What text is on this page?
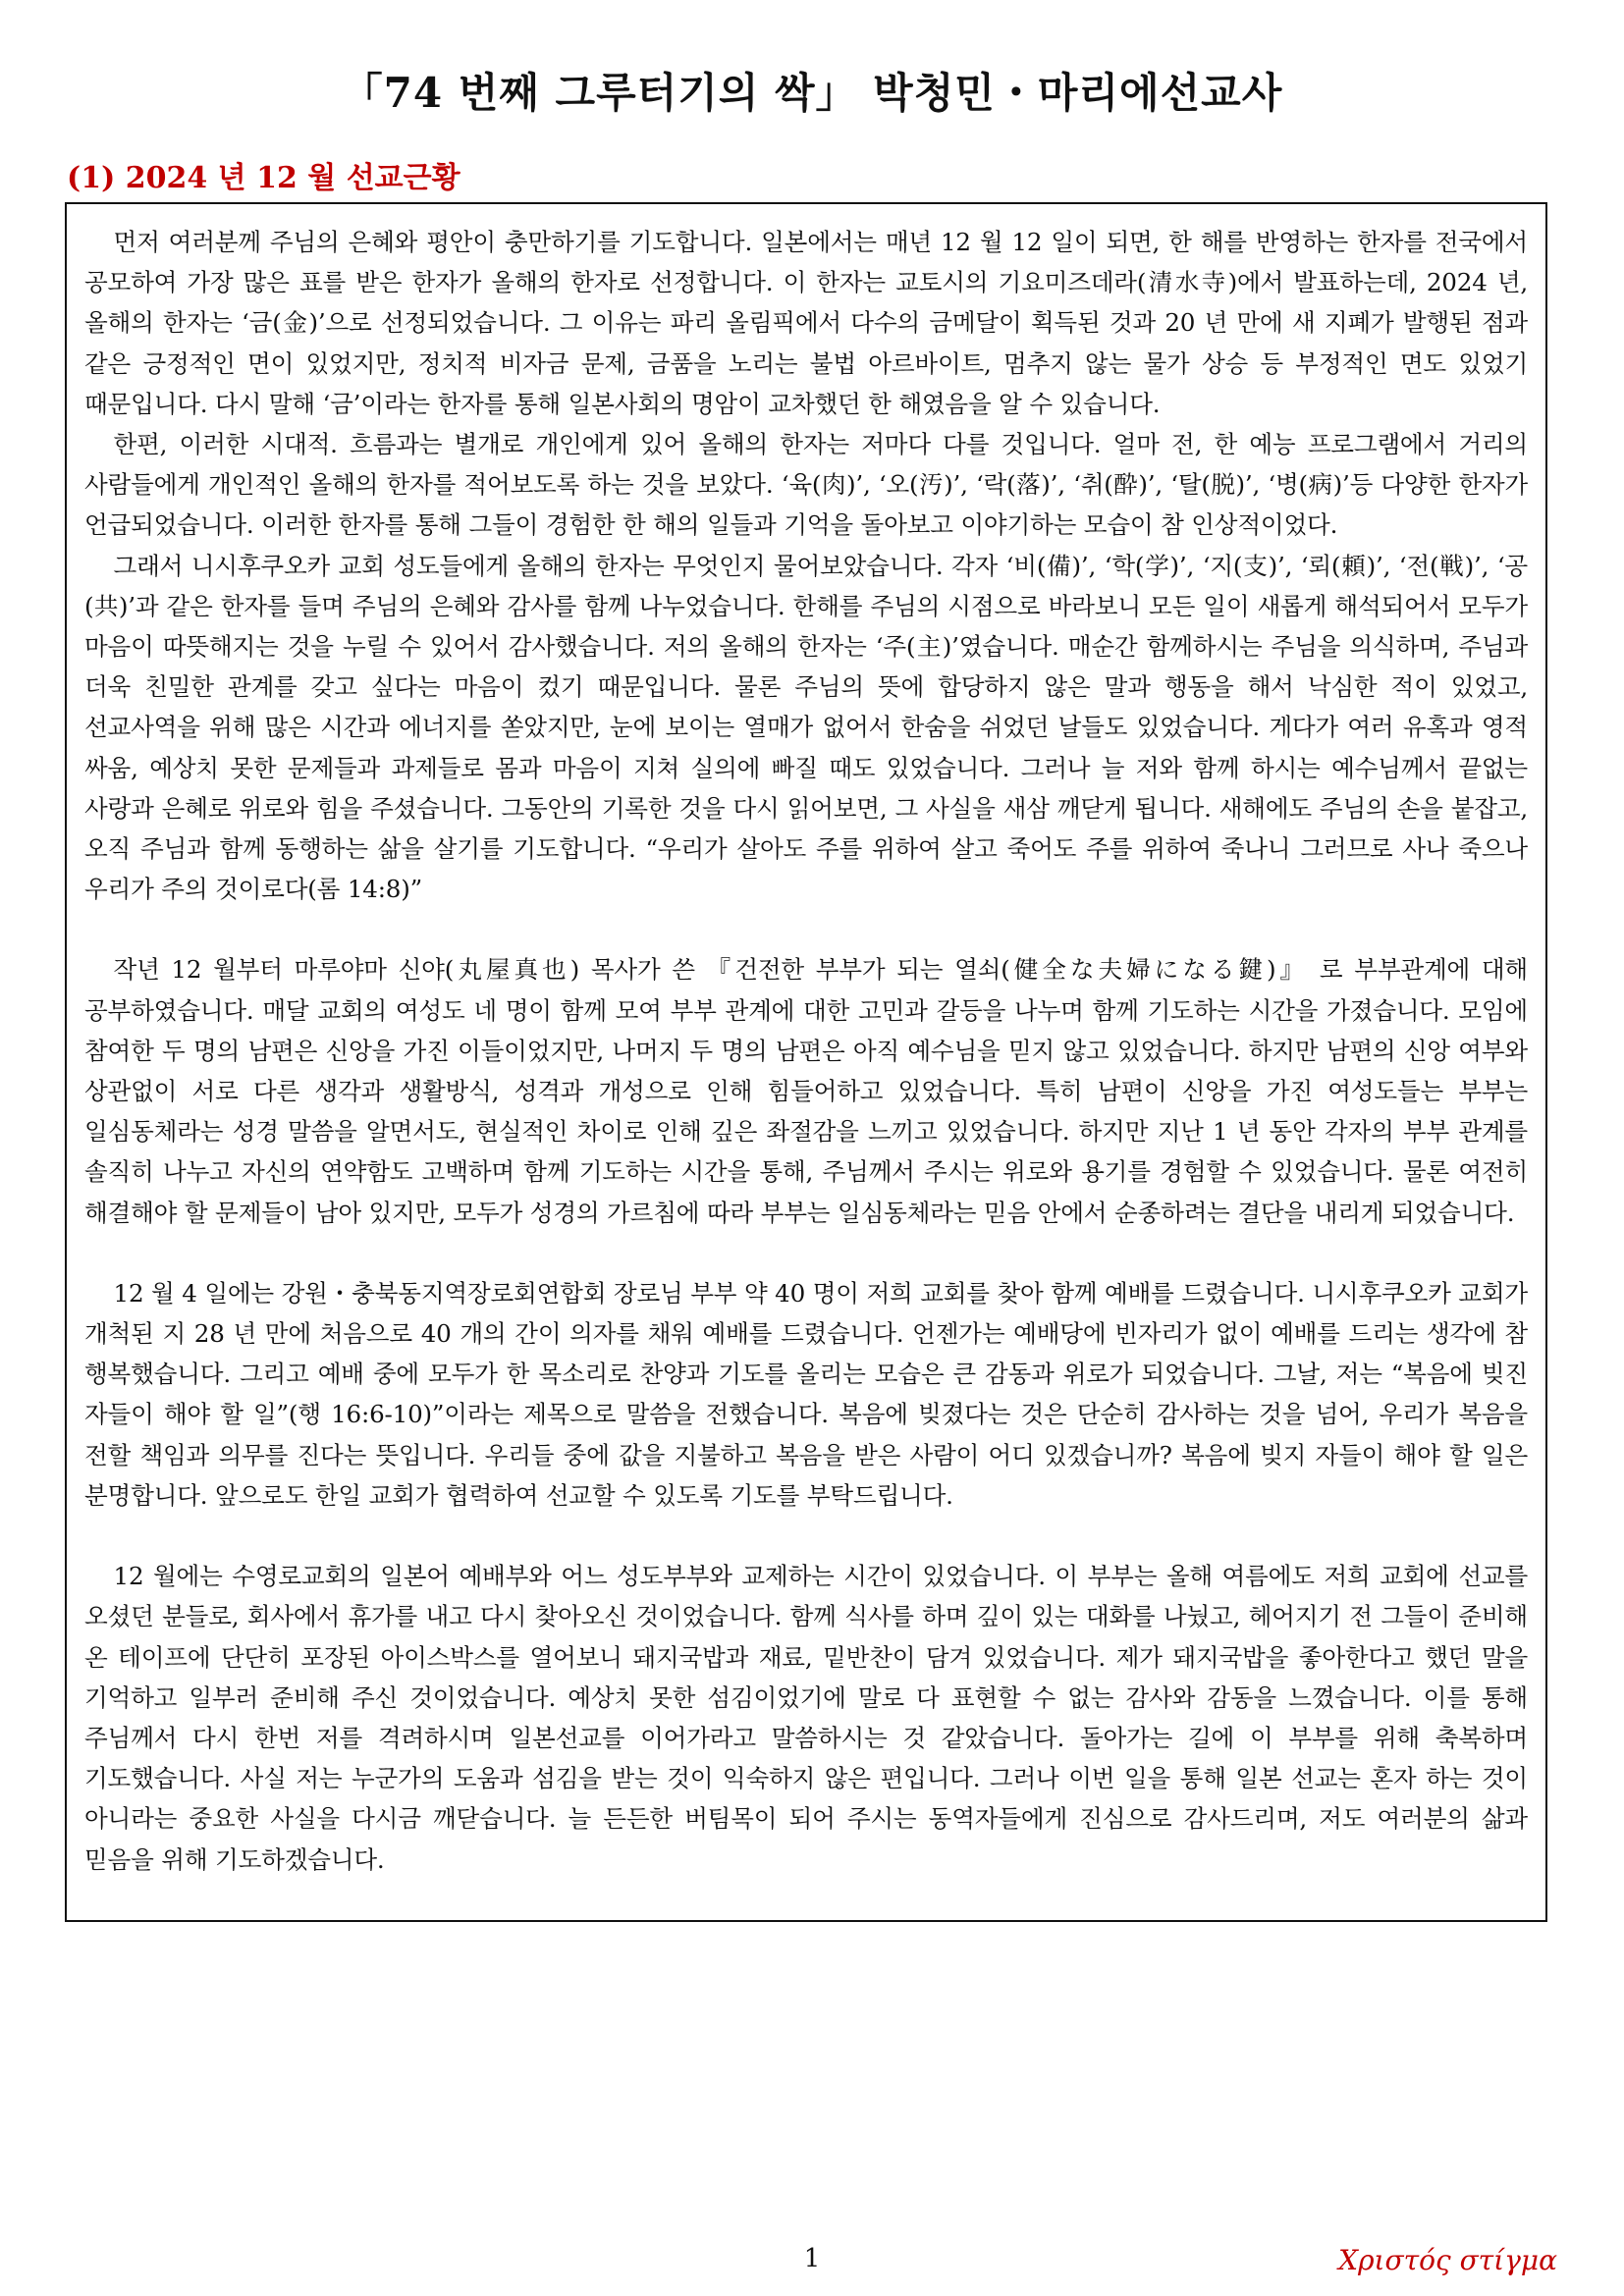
「74 번째 그루터기의 싹」 박청민・마리에선교사
(1) 2024 년 12 월 선교근황

먼저 여러분께 주님의 은혜와 평안이 충만하기를 기도합니다. 일본에서는 매년 12 월 12 일이 되면, 한 해를 반영하는 한자를 전국에서 공모하여 가장 많은 표를 받은 한자가 올해의 한자로 선정합니다. 이 한자는 교토시의 기요미즈데라(清水寺)에서 발표하는데, 2024 년, 올해의 한자는 ‘금(金)’으로 선정되었습니다. 그 이유는 파리 올림픽에서 다수의 금메달이 획득된 것과 20 년 만에 새 지폐가 발행된 점과 같은 긍정적인 면이 있었지만, 정치적 비자금 문제, 금품을 노리는 불법 아르바이트, 멈추지 않는 물가 상승 등 부정적인 면도 있었기 때문입니다. 다시 말해 ‘금’이라는 한자를 통해 일본사회의 명암이 교차했던 한 해였음을 알 수 있습니다.

한편, 이러한 시대적. 흐름과는 별개로 개인에게 있어 올해의 한자는 저마다 다를 것입니다. 얼마 전, 한 예능 프로그램에서 거리의 사람들에게 개인적인 올해의 한자를 적어보도록 하는 것을 보았다. ‘육(肉)’, ‘오(汚)’, ‘락(落)’, ‘취(酔)’, ‘탈(脱)’, ‘병(病)’등 다양한 한자가 언급되었습니다. 이러한 한자를 통해 그들이 경험한 한 해의 일들과 기억을 돌아보고 이야기하는 모습이 참 인상적이었다.

그래서 니시후쿠오카 교회 성도들에게 올해의 한자는 무엇인지 물어보았습니다. 각자 ‘비(備)’, ‘학(学)’, ‘지(支)’, ‘뢰(頼)’, ‘전(戦)’, ‘공(共)’과 같은 한자를 들며 주님의 은혜와 감사를 함께 나누었습니다. 한해를 주님의 시점으로 바라보니 모든 일이 새롭게 해석되어서 모두가 마음이 따뜻해지는 것을 누릴 수 있어서 감사했습니다. 저의 올해의 한자는 ‘주(主)’였습니다. 매순간 함께하시는 주님을 의식하며, 주님과 더욱 친밀한 관계를 갖고 싶다는 마음이 컸기 때문입니다. 물론 주님의 뜻에 합당하지 않은 말과 행동을 해서 낙심한 적이 있었고, 선교사역을 위해 많은 시간과 에너지를 쏟았지만, 눈에 보이는 열매가 없어서 한숨을 쉬었던 날들도 있었습니다. 게다가 여러 유혹과 영적 싸움, 예상치 못한 문제들과 과제들로 몸과 마음이 지쳐 실의에 빠질 때도 있었습니다. 그러나 늘 저와 함께 하시는 예수님께서 끝없는 사랑과 은혜로 위로와 힘을 주셨습니다. 그동안의 기록한 것을 다시 읽어보면, 그 사실을 새삼 깨닫게 됩니다. 새해에도 주님의 손을 붙잡고, 오직 주님과 함께 동행하는 삶을 살기를 기도합니다. “우리가 살아도 주를 위하여 살고 죽어도 주를 위하여 죽나니 그러므로 사나 죽으나 우리가 주의 것이로다(롬 14:8)”

작년 12 월부터 마루야마 신야(丸屋真也) 목사가 쓴 『건전한 부부가 되는 열쇠(健全な夫婦になる鍵)』 로 부부관계에 대해 공부하였습니다. 매달 교회의 여성도 네 명이 함께 모여 부부 관계에 대한 고민과 갈등을 나누며 함께 기도하는 시간을 가졌습니다. 모임에 참여한 두 명의 남편은 신앙을 가진 이들이었지만, 나머지 두 명의 남편은 아직 예수님을 믿지 않고 있었습니다. 하지만 남편의 신앙 여부와 상관없이 서로 다른 생각과 생활방식, 성격과 개성으로 인해 힘들어하고 있었습니다. 특히 남편이 신앙을 가진 여성도들는 부부는 일심동체라는 성경 말씀을 알면서도, 현실적인 차이로 인해 깊은 좌절감을 느끼고 있었습니다. 하지만 지난 1 년 동안 각자의 부부 관계를 솔직히 나누고 자신의 연약함도 고백하며 함께 기도하는 시간을 통해, 주님께서 주시는 위로와 용기를 경험할 수 있었습니다. 물론 여전히 해결해야 할 문제들이 남아 있지만, 모두가 성경의 가르침에 따라 부부는 일심동체라는 믿음 안에서 순종하려는 결단을 내리게 되었습니다.

12 월 4 일에는 강원・충북동지역장로회연합회 장로님 부부 약 40 명이 저희 교회를 찾아 함께 예배를 드렸습니다. 니시후쿠오카 교회가 개척된 지 28 년 만에 처음으로 40 개의 간이 의자를 채워 예배를 드렸습니다. 언젠가는 예배당에 빈자리가 없이 예배를 드리는 생각에 참 행복했습니다. 그리고 예배 중에 모두가 한 목소리로 찬양과 기도를 올리는 모습은 큰 감동과 위로가 되었습니다. 그날, 저는 “복음에 빚진 자들이 해야 할 일”(행 16:6-10)”이라는 제목으로 말씀을 전했습니다. 복음에 빚졌다는 것은 단순히 감사하는 것을 넘어, 우리가 복음을 전할 책임과 의무를 진다는 뜻입니다. 우리들 중에 값을 지불하고 복음을 받은 사람이 어디 있겠습니까? 복음에 빚지 자들이 해야 할 일은 분명합니다. 앞으로도 한일 교회가 협력하여 선교할 수 있도록 기도를 부탁드립니다.

12 월에는 수영로교회의 일본어 예배부와 어느 성도부부와 교제하는 시간이 있었습니다. 이 부부는 올해 여름에도 저희 교회에 선교를 오셨던 분들로, 회사에서 휴가를 내고 다시 찾아오신 것이었습니다. 함께 식사를 하며 깊이 있는 대화를 나눴고, 헤어지기 전 그들이 준비해 온 테이프에 단단히 포장된 아이스박스를 열어보니 돼지국밥과 재료, 밑반찬이 담겨 있었습니다. 제가 돼지국밥을 좋아한다고 했던 말을 기억하고 일부러 준비해 주신 것이었습니다. 예상치 못한 섬김이었기에 말로 다 표현할 수 없는 감사와 감동을 느꼈습니다. 이를 통해 주님께서 다시 한번 저를 격려하시며 일본선교를 이어가라고 말씀하시는 것 같았습니다. 돌아가는 길에 이 부부를 위해 축복하며 기도했습니다. 사실 저는 누군가의 도움과 섬김을 받는 것이 익숙하지 않은 편입니다. 그러나 이번 일을 통해 일본 선교는 혼자 하는 것이 아니라는 중요한 사실을 다시금 깨닫습니다. 늘 든든한 버팀목이 되어 주시는 동역자들에게 진심으로 감사드리며, 저도 여러분의 삶과 믿음을 위해 기도하겠습니다.

1	Χριστός στίγμα
